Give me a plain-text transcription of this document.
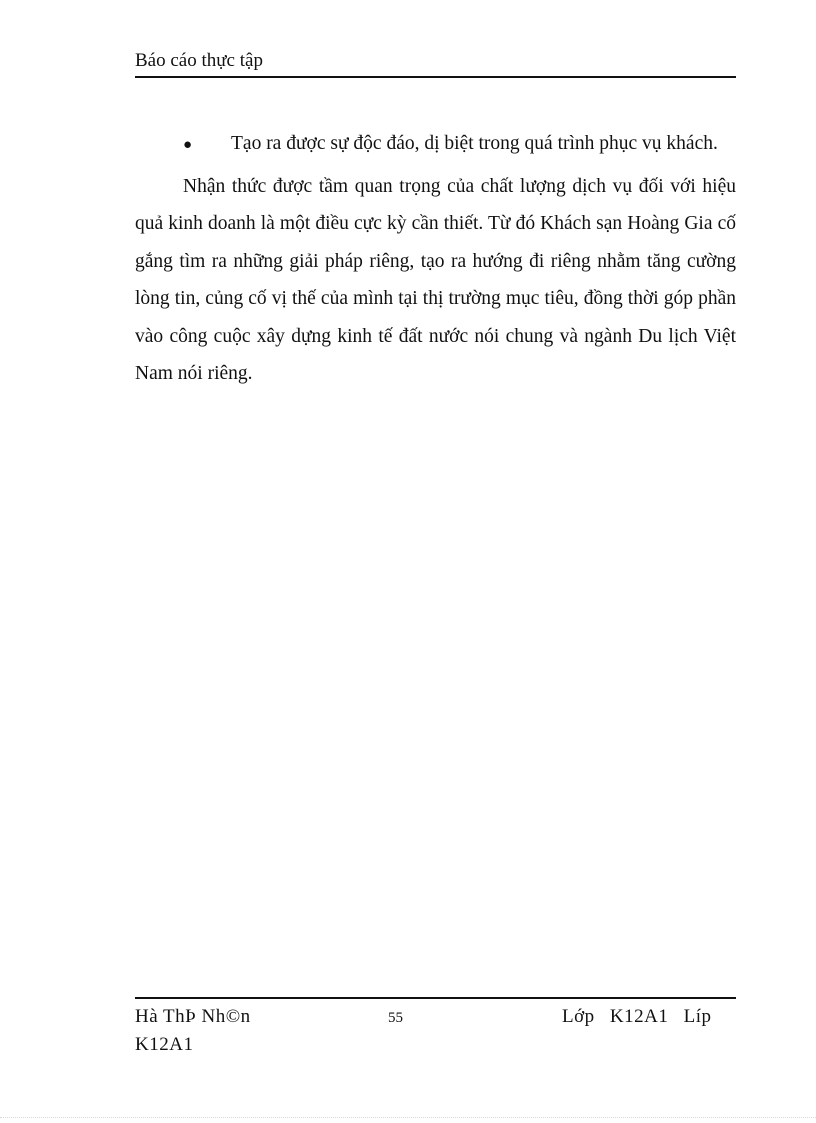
Báo cáo thực tập

● Tạo ra được sự độc đáo, dị biệt trong quá trình phục vụ khách.

Nhận thức được tầm quan trọng của chất lượng dịch vụ đối với hiệu quả kinh doanh là một điều cực kỳ cần thiết. Từ đó Khách sạn Hoàng Gia cố gắng tìm ra những giải pháp riêng, tạo ra hướng đi riêng nhằm tăng cường lòng tin, củng cố vị thế của mình tại thị trường mục tiêu, đồng thời góp phần vào công cuộc xây dựng kinh tế đất nước nói chung và ngành Du lịch Việt Nam nói riêng.

Hà ThÞ Nh©n
K12A1
55	Lớp K12A1 Líp
